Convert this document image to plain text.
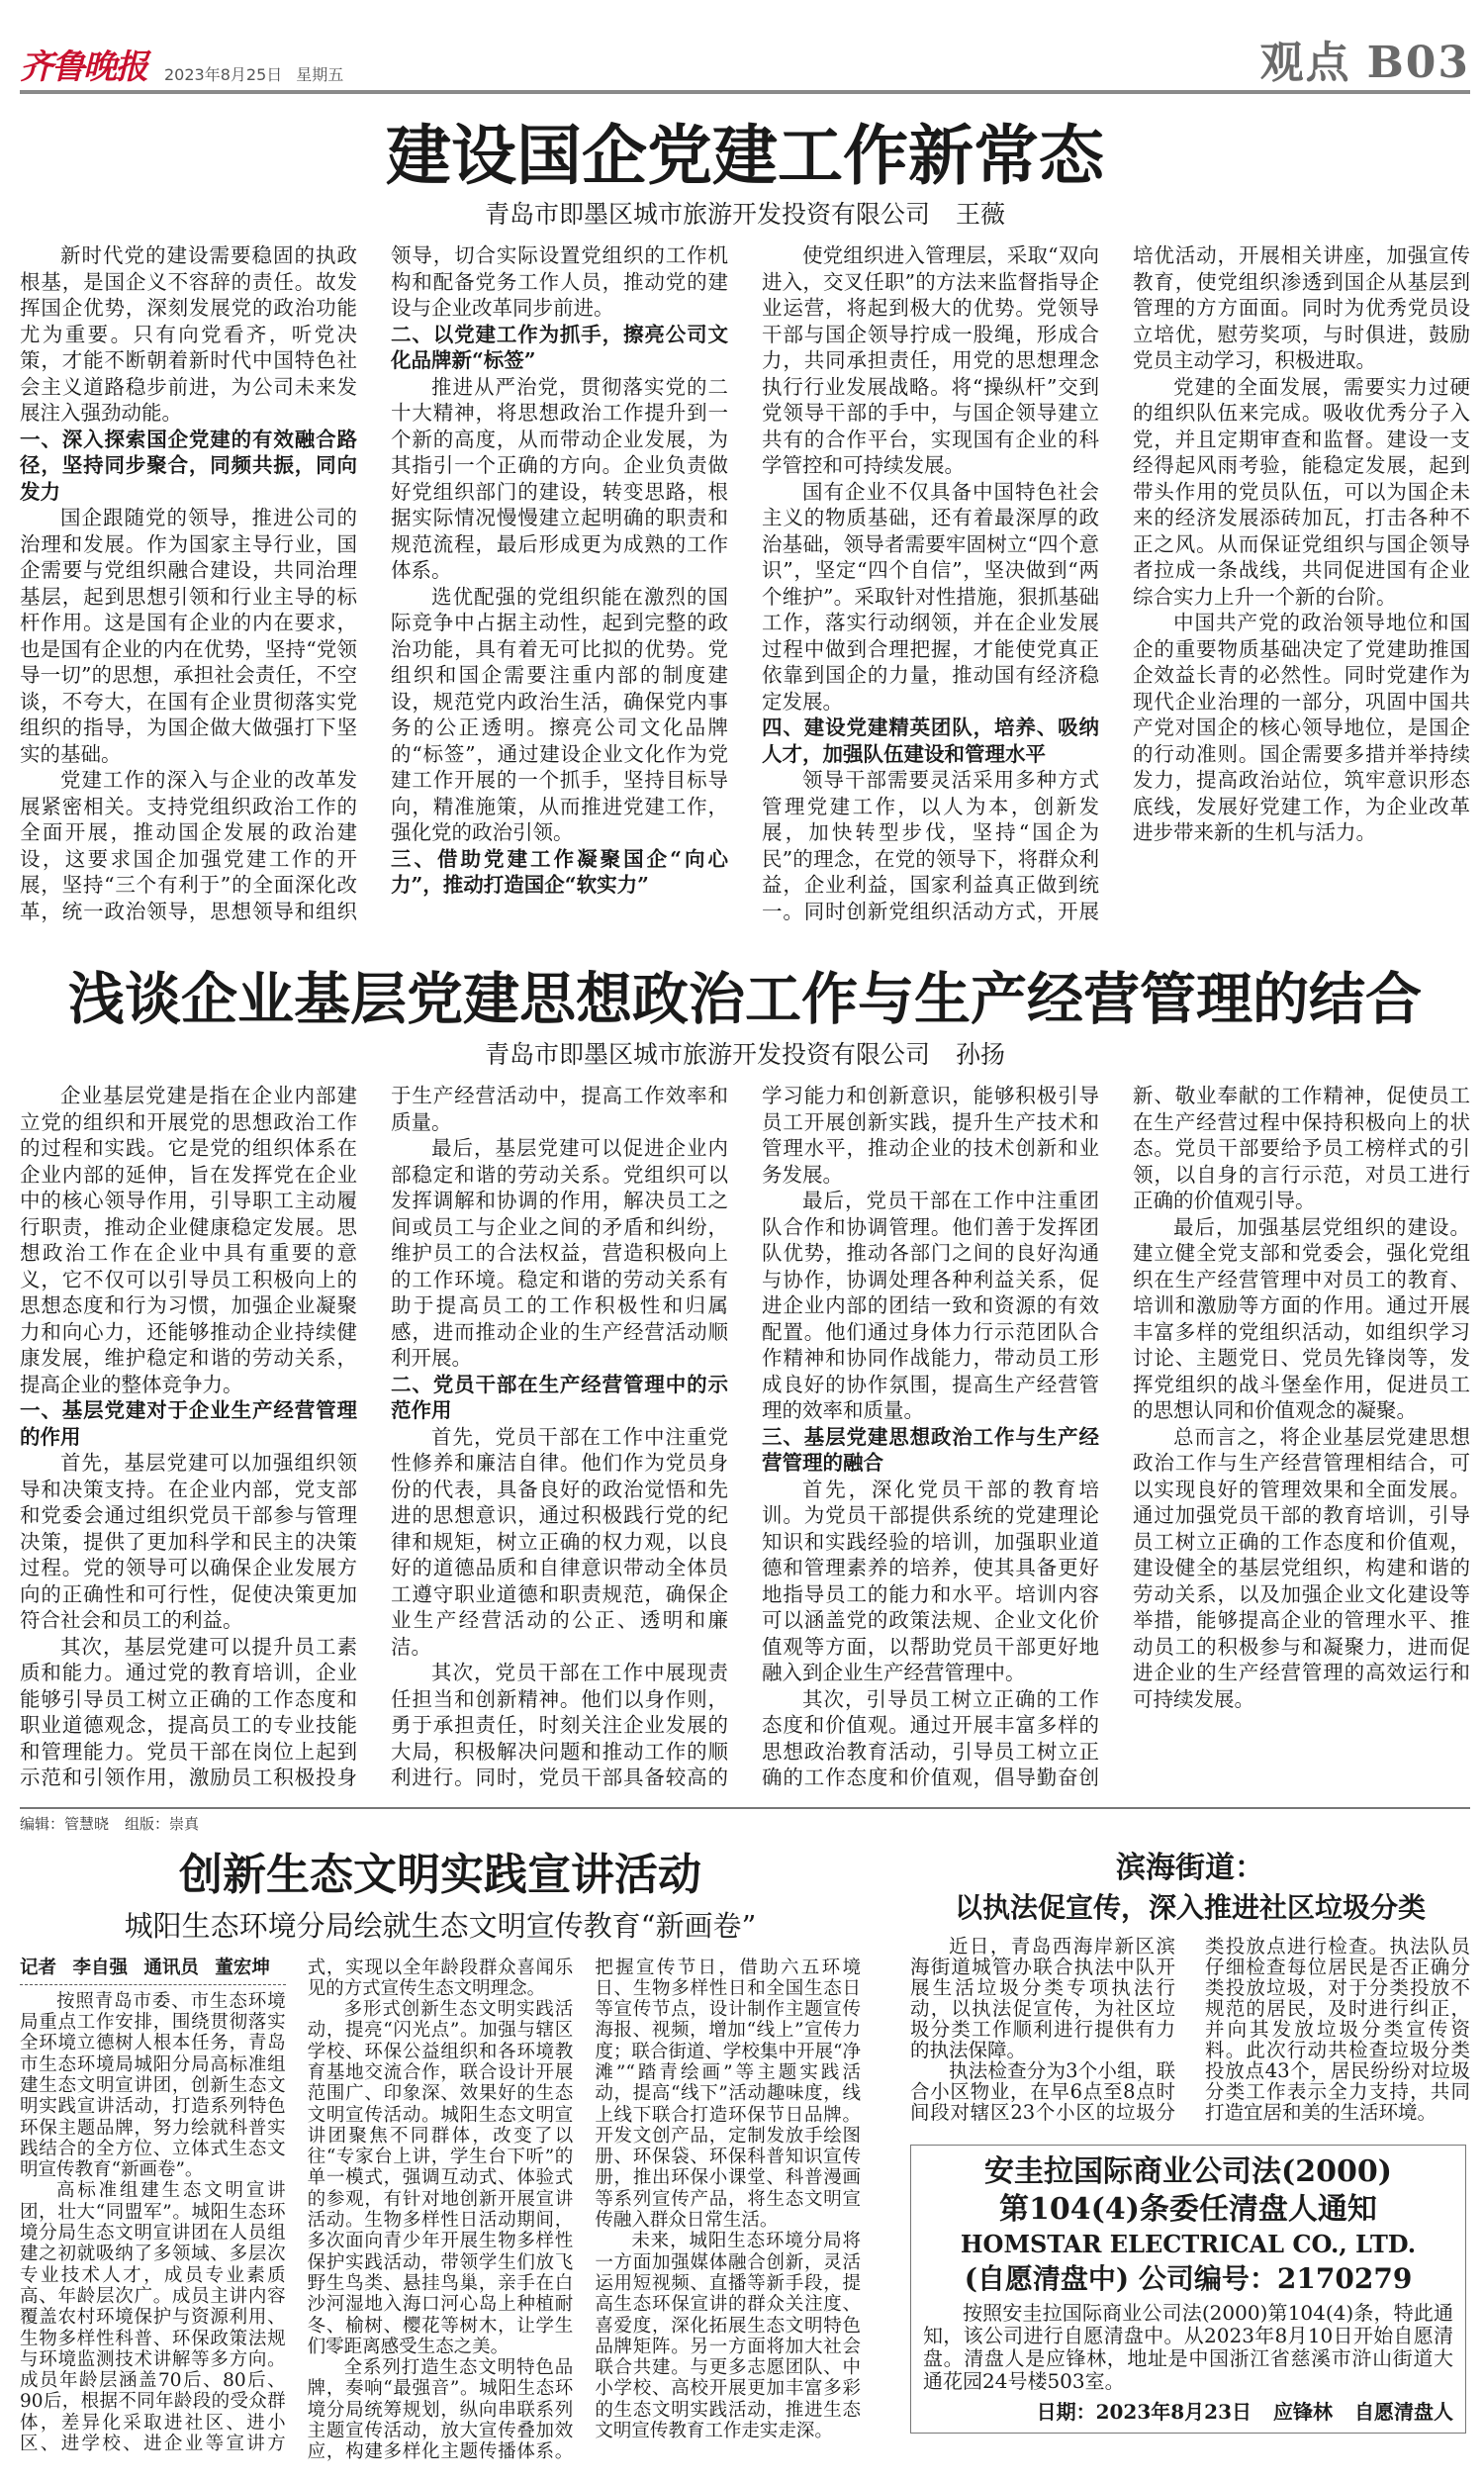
齐鲁晚报 2023年8月25日 星期五	观点 B03
建设国企党建工作新常态
青岛市即墨区城市旅游开发投资有限公司 王薇

新时代党的建设需要稳固的执政根基，是国企义不容辞的责任。故发挥国企优势，深刻发展党的政治功能尤为重要。只有向党看齐，听党决策，才能不断朝着新时代中国特色社会主义道路稳步前进，为公司未来发展注入强劲动能。

一、深入探索国企党建的有效融合路径，坚持同步聚合，同频共振，同向发力

国企跟随党的领导，推进公司的治理和发展。作为国家主导行业，国企需要与党组织融合建设，共同治理基层，起到思想引领和行业主导的标杆作用。这是国有企业的内在要求，也是国有企业的内在优势，坚持“党领导一切”的思想，承担社会责任，不空谈，不夸大，在国有企业贯彻落实党组织的指导，为国企做大做强打下坚实的基础。

党建工作的深入与企业的改革发展紧密相关。支持党组织政治工作的全面开展，推动国企发展的政治建设，这要求国企加强党建工作的开展，坚持“三个有利于”的全面深化改革，统一政治领导，思想领导和组织领导，切合实际设置党组织的工作机构和配备党务工作人员，推动党的建设与企业改革同步前进。

二、以党建工作为抓手，擦亮公司文化品牌新“标签”

推进从严治党，贯彻落实党的二十大精神，将思想政治工作提升到一个新的高度，从而带动企业发展，为其指引一个正确的方向。企业负责做好党组织部门的建设，转变思路，根据实际情况慢慢建立起明确的职责和规范流程，最后形成更为成熟的工作体系。

选优配强的党组织能在激烈的国际竞争中占据主动性，起到完整的政治功能，具有着无可比拟的优势。党组织和国企需要注重内部的制度建设，规范党内政治生活，确保党内事务的公正透明。擦亮公司文化品牌的“标签”，通过建设企业文化作为党建工作开展的一个抓手，坚持目标导向，精准施策，从而推进党建工作，强化党的政治引领。

三、借助党建工作凝聚国企“向心力”，推动打造国企“软实力”

使党组织进入管理层，采取“双向进入，交叉任职”的方法来监督指导企业运营，将起到极大的优势。党领导干部与国企领导拧成一股绳，形成合力，共同承担责任，用党的思想理念执行行业发展战略。将“操纵杆”交到党领导干部的手中，与国企领导建立共有的合作平台，实现国有企业的科学管控和可持续发展。

国有企业不仅具备中国特色社会主义的物质基础，还有着最深厚的政治基础，领导者需要牢固树立“四个意识”，坚定“四个自信”，坚决做到“两个维护”。采取针对性措施，狠抓基础工作，落实行动纲领，并在企业发展过程中做到合理把握，才能使党真正依靠到国企的力量，推动国有经济稳定发展。

四、建设党建精英团队，培养、吸纳人才，加强队伍建设和管理水平

领导干部需要灵活采用多种方式管理党建工作，以人为本，创新发展，加快转型步伐，坚持“国企为民”的理念，在党的领导下，将群众利益，企业利益，国家利益真正做到统一。同时创新党组织活动方式，开展培优活动，开展相关讲座，加强宣传教育，使党组织渗透到国企从基层到管理的方方面面。同时为优秀党员设立培优，慰劳奖项，与时俱进，鼓励党员主动学习，积极进取。

党建的全面发展，需要实力过硬的组织队伍来完成。吸收优秀分子入党，并且定期审查和监督。建设一支经得起风雨考验，能稳定发展，起到带头作用的党员队伍，可以为国企未来的经济发展添砖加瓦，打击各种不正之风。从而保证党组织与国企领导者拉成一条战线，共同促进国有企业综合实力上升一个新的台阶。

中国共产党的政治领导地位和国企的重要物质基础决定了党建助推国企效益长青的必然性。同时党建作为现代企业治理的一部分，巩固中国共产党对国企的核心领导地位，是国企的行动准则。国企需要多措并举持续发力，提高政治站位，筑牢意识形态底线，发展好党建工作，为企业改革进步带来新的生机与活力。

浅谈企业基层党建思想政治工作与生产经营管理的结合
青岛市即墨区城市旅游开发投资有限公司 孙扬

企业基层党建是指在企业内部建立党的组织和开展党的思想政治工作的过程和实践。它是党的组织体系在企业内部的延伸，旨在发挥党在企业中的核心领导作用，引导职工主动履行职责，推动企业健康稳定发展。思想政治工作在企业中具有重要的意义，它不仅可以引导员工积极向上的思想态度和行为习惯，加强企业凝聚力和向心力，还能够推动企业持续健康发展，维护稳定和谐的劳动关系，提高企业的整体竞争力。

一、基层党建对于企业生产经营管理的作用

首先，基层党建可以加强组织领导和决策支持。在企业内部，党支部和党委会通过组织党员干部参与管理决策，提供了更加科学和民主的决策过程。党的领导可以确保企业发展方向的正确性和可行性，促使决策更加符合社会和员工的利益。

其次，基层党建可以提升员工素质和能力。通过党的教育培训，企业能够引导员工树立正确的工作态度和职业道德观念，提高员工的专业技能和管理能力。党员干部在岗位上起到示范和引领作用，激励员工积极投身于生产经营活动中，提高工作效率和质量。

最后，基层党建可以促进企业内部稳定和谐的劳动关系。党组织可以发挥调解和协调的作用，解决员工之间或员工与企业之间的矛盾和纠纷，维护员工的合法权益，营造积极向上的工作环境。稳定和谐的劳动关系有助于提高员工的工作积极性和归属感，进而推动企业的生产经营活动顺利开展。

二、党员干部在生产经营管理中的示范作用

首先，党员干部在工作中注重党性修养和廉洁自律。他们作为党员身份的代表，具备良好的政治觉悟和先进的思想意识，通过积极践行党的纪律和规矩，树立正确的权力观，以良好的道德品质和自律意识带动全体员工遵守职业道德和职责规范，确保企业生产经营活动的公正、透明和廉洁。

其次，党员干部在工作中展现责任担当和创新精神。他们以身作则，勇于承担责任，时刻关注企业发展的大局，积极解决问题和推动工作的顺利进行。同时，党员干部具备较高的学习能力和创新意识，能够积极引导员工开展创新实践，提升生产技术和管理水平，推动企业的技术创新和业务发展。

最后，党员干部在工作中注重团队合作和协调管理。他们善于发挥团队优势，推动各部门之间的良好沟通与协作，协调处理各种利益关系，促进企业内部的团结一致和资源的有效配置。他们通过身体力行示范团队合作精神和协同作战能力，带动员工形成良好的协作氛围，提高生产经营管理的效率和质量。

三、基层党建思想政治工作与生产经营管理的融合

首先，深化党员干部的教育培训。为党员干部提供系统的党建理论知识和实践经验的培训，加强职业道德和管理素养的培养，使其具备更好地指导员工的能力和水平。培训内容可以涵盖党的政策法规、企业文化价值观等方面，以帮助党员干部更好地融入到企业生产经营管理中。

其次，引导员工树立正确的工作态度和价值观。通过开展丰富多样的思想政治教育活动，引导员工树立正确的工作态度和价值观，倡导勤奋创新、敬业奉献的工作精神，促使员工在生产经营过程中保持积极向上的状态。党员干部要给予员工榜样式的引领，以自身的言行示范，对员工进行正确的价值观引导。

最后，加强基层党组织的建设。建立健全党支部和党委会，强化党组织在生产经营管理中对员工的教育、培训和激励等方面的作用。通过开展丰富多样的党组织活动，如组织学习讨论、主题党日、党员先锋岗等，发挥党组织的战斗堡垒作用，促进员工的思想认同和价值观念的凝聚。

总而言之，将企业基层党建思想政治工作与生产经营管理相结合，可以实现良好的管理效果和全面发展。通过加强党员干部的教育培训，引导员工树立正确的工作态度和价值观，建设健全的基层党组织，构建和谐的劳动关系，以及加强企业文化建设等举措，能够提高企业的管理水平、推动员工的积极参与和凝聚力，进而促进企业的生产经营管理的高效运行和可持续发展。

编辑：管慧晓 组版：崇真
创新生态文明实践宣讲活动
城阳生态环境分局绘就生态文明宣传教育“新画卷”

记者 李自强 通讯员 董宏坤

按照青岛市委、市生态环境局重点工作安排，围绕贯彻落实全环境立德树人根本任务，青岛市生态环境局城阳分局高标准组建生态文明宣讲团，创新生态文明实践宣讲活动，打造系列特色环保主题品牌，努力绘就科普实践结合的全方位、立体式生态文明宣传教育“新画卷”。

高标准组建生态文明宣讲团，壮大“同盟军”。城阳生态环境分局生态文明宣讲团在人员组建之初就吸纳了多领域、多层次专业技术人才，成员专业素质高、年龄层次广。成员主讲内容覆盖农村环境保护与资源利用、生物多样性科普、环保政策法规与环境监测技术讲解等多方向。成员年龄层涵盖70后、80后、90后，根据不同年龄段的受众群体，差异化采取进社区、进小区、进学校、进企业等宣讲方式，实现以全年龄段群众喜闻乐见的方式宣传生态文明理念。

多形式创新生态文明实践活动，提亮“闪光点”。加强与辖区学校、环保公益组织和各环境教育基地交流合作，联合设计开展范围广、印象深、效果好的生态文明宣传活动。城阳生态文明宣讲团聚焦不同群体，改变了以往“专家台上讲，学生台下听”的单一模式，强调互动式、体验式的参观，有针对地创新开展宣讲活动。生物多样性日活动期间，多次面向青少年开展生物多样性保护实践活动，带领学生们放飞野生鸟类、悬挂鸟巢，亲手在白沙河湿地入海口河心岛上种植耐冬、榆树、樱花等树木，让学生们零距离感受生态之美。

全系列打造生态文明特色品牌，奏响“最强音”。城阳生态环境分局统筹规划，纵向串联系列主题宣传活动，放大宣传叠加效应，构建多样化主题传播体系。把握宣传节日，借助六五环境日、生物多样性日和全国生态日等宣传节点，设计制作主题宣传海报、视频，增加“线上”宣传力度；联合街道、学校集中开展“净滩”“踏青绘画”等主题实践活动，提高“线下”活动趣味度，线上线下联合打造环保节日品牌。开发文创产品，定制发放手绘图册、环保袋、环保科普知识宣传册，推出环保小课堂、科普漫画等系列宣传产品，将生态文明宣传融入群众日常生活。

未来，城阳生态环境分局将一方面加强媒体融合创新，灵活运用短视频、直播等新手段，提高生态环保宣讲的群众关注度、喜爱度，深化拓展生态文明特色品牌矩阵。另一方面将加大社会联合共建。与更多志愿团队、中小学校、高校开展更加丰富多彩的生态文明实践活动，推进生态文明宣传教育工作走实走深。

滨海街道：
以执法促宣传，深入推进社区垃圾分类

近日，青岛西海岸新区滨海街道城管办联合执法中队开展生活垃圾分类专项执法行动，以执法促宣传，为社区垃圾分类工作顺利进行提供有力的执法保障。

执法检查分为3个小组，联合小区物业，在早6点至8点时间段对辖区23个小区的垃圾分类投放点进行检查。执法队员仔细检查每位居民是否正确分类投放垃圾，对于分类投放不规范的居民，及时进行纠正，并向其发放垃圾分类宣传资料。此次行动共检查垃圾分类投放点43个，居民纷纷对垃圾分类工作表示全力支持，共同打造宜居和美的生活环境。

安圭拉国际商业公司法(2000)
第104(4)条委任清盘人通知
HOMSTAR ELECTRICAL CO., LTD.
(自愿清盘中) 公司编号：2170279

按照安圭拉国际商业公司法(2000)第104(4)条，特此通知，该公司进行自愿清盘中。从2023年8月10日开始自愿清盘。清盘人是应锋林，地址是中国浙江省慈溪市浒山街道大通花园24号楼503室。

日期：2023年8月23日 应锋林 自愿清盘人
